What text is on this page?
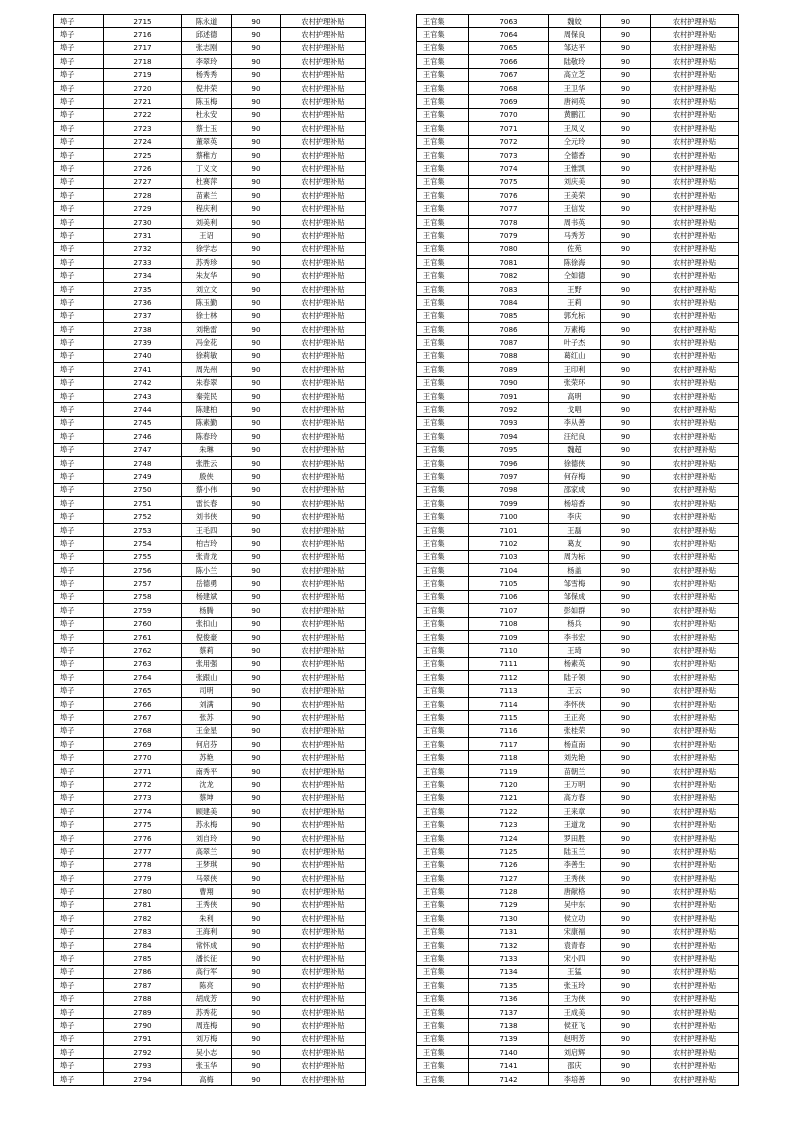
埠子	2715	陈永道	90	农村护理补贴
埠子	2716	邱述德	90	农村护理补贴
埠子	2717	张志刚	90	农村护理补贴
埠子	2718	李翠玲	90	农村护理补贴
埠子	2719	杨秀秀	90	农村护理补贴
埠子	2720	倪井荣	90	农村护理补贴
埠子	2721	陈玉梅	90	农村护理补贴
埠子	2722	杜永安	90	农村护理补贴
埠子	2723	蔡士玉	90	农村护理补贴
埠子	2724	董翠英	90	农村护理补贴
埠子	2725	蔡稚方	90	农村护理补贴
埠子	2726	丁义文	90	农村护理补贴
埠子	2727	杜赛萍	90	农村护理补贴
埠子	2728	苗素兰	90	农村护理补贴
埠子	2729	程庆利	90	农村护理补贴
埠子	2730	刘美利	90	农村护理补贴
埠子	2731	王诏	90	农村护理补贴
埠子	2732	徐学志	90	农村护理补贴
埠子	2733	苏秀珍	90	农村护理补贴
埠子	2734	朱友华	90	农村护理补贴
埠子	2735	刘立文	90	农村护理补贴
埠子	2736	陈玉勤	90	农村护理补贴
埠子	2737	徐士林	90	农村护理补贴
埠子	2738	刘艳雷	90	农村护理补贴
埠子	2739	冯金花	90	农村护理补贴
埠子	2740	徐莉敏	90	农村护理补贴
埠子	2741	周先州	90	农村护理补贴
埠子	2742	朱春翠	90	农村护理补贴
埠子	2743	秦莞民	90	农村护理补贴
埠子	2744	陈建柏	90	农村护理补贴
埠子	2745	陈素勤	90	农村护理补贴
埠子	2746	陈春玲	90	农村护理补贴
埠子	2747	朱琳	90	农村护理补贴
埠子	2748	张胜云	90	农村护理补贴
埠子	2749	殷侠	90	农村护理补贴
埠子	2750	蔡小伟	90	农村护理补贴
埠子	2751	雷长春	90	农村护理补贴
埠子	2752	刘书侠	90	农村护理补贴
埠子	2753	王毛四	90	农村护理补贴
埠子	2754	柏吉玲	90	农村护理补贴
埠子	2755	张青龙	90	农村护理补贴
埠子	2756	陈小兰	90	农村护理补贴
埠子	2757	岳德勇	90	农村护理补贴
埠子	2758	杨建斌	90	农村护理补贴
埠子	2759	杨腾	90	农村护理补贴
埠子	2760	张扣山	90	农村护理补贴
埠子	2761	倪俊豪	90	农村护理补贴
埠子	2762	蔡莉	90	农村护理补贴
埠子	2763	张用强	90	农村护理补贴
埠子	2764	张跟山	90	农村护理补贴
埠子	2765	司明	90	农村护理补贴
埠子	2766	刘满	90	农村护理补贴
埠子	2767	张苏	90	农村护理补贴
埠子	2768	王金星	90	农村护理补贴
埠子	2769	何启芬	90	农村护理补贴
埠子	2770	苏艳	90	农村护理补贴
埠子	2771	南秀平	90	农村护理补贴
埠子	2772	沈龙	90	农村护理补贴
埠子	2773	蔡坤	90	农村护理补贴
埠子	2774	顾建美	90	农村护理补贴
埠子	2775	苏永梅	90	农村护理补贴
埠子	2776	刘自玲	90	农村护理补贴
埠子	2777	高翠兰	90	农村护理补贴
埠子	2778	王梦琪	90	农村护理补贴
埠子	2779	马翠侠	90	农村护理补贴
埠子	2780	曹翔	90	农村护理补贴
埠子	2781	王秀侠	90	农村护理补贴
埠子	2782	朱利	90	农村护理补贴
埠子	2783	王海利	90	农村护理补贴
埠子	2784	常怀成	90	农村护理补贴
埠子	2785	潘长征	90	农村护理补贴
埠子	2786	高行军	90	农村护理补贴
埠子	2787	陈亮	90	农村护理补贴
埠子	2788	胡成芳	90	农村护理补贴
埠子	2789	苏秀花	90	农村护理补贴
埠子	2790	周连梅	90	农村护理补贴
埠子	2791	刘万梅	90	农村护理补贴
埠子	2792	吴小志	90	农村护理补贴
埠子	2793	张玉华	90	农村护理补贴
埠子	2794	高梅	90	农村护理补贴
王官集	7063	魏姣	90	农村护理补贴
王官集	7064	周保良	90	农村护理补贴
王官集	7065	邹达平	90	农村护理补贴
王官集	7066	陆敬玲	90	农村护理补贴
王官集	7067	高立芝	90	农村护理补贴
王官集	7068	王卫华	90	农村护理补贴
王官集	7069	唐祠英	90	农村护理补贴
王官集	7070	黄鹏江	90	农村护理补贴
王官集	7071	王凤义	90	农村护理补贴
王官集	7072	仝元玲	90	农村护理补贴
王官集	7073	仝德香	90	农村护理补贴
王官集	7074	王惟凯	90	农村护理补贴
王官集	7075	刘庆美	90	农村护理补贴
王官集	7076	王美荣	90	农村护理补贴
王官集	7077	王信发	90	农村护理补贴
王官集	7078	周书英	90	农村护理补贴
王官集	7079	马秀芳	90	农村护理补贴
王官集	7080	佐苑	90	农村护理补贴
王官集	7081	陈徐海	90	农村护理补贴
王官集	7082	仝如德	90	农村护理补贴
王官集	7083	王野	90	农村护理补贴
王官集	7084	王莉	90	农村护理补贴
王官集	7085	郭允标	90	农村护理补贴
王官集	7086	万素梅	90	农村护理补贴
王官集	7087	叶子杰	90	农村护理补贴
王官集	7088	葛红山	90	农村护理补贴
王官集	7089	王印利	90	农村护理补贴
王官集	7090	张荣环	90	农村护理补贴
王官集	7091	高明	90	农村护理补贴
王官集	7092	戈唱	90	农村护理补贴
王官集	7093	李从善	90	农村护理补贴
王官集	7094	汪纪良	90	农村护理补贴
王官集	7095	魏超	90	农村护理补贴
王官集	7096	徐德侠	90	农村护理补贴
王官集	7097	何存梅	90	农村护理补贴
王官集	7098	邵家成	90	农村护理补贴
王官集	7099	杨培香	90	农村护理补贴
王官集	7100	李庆	90	农村护理补贴
王官集	7101	王磊	90	农村护理补贴
王官集	7102	葛友	90	农村护理补贴
王官集	7103	周为标	90	农村护理补贴
王官集	7104	杨盖	90	农村护理补贴
王官集	7105	邹雪梅	90	农村护理补贴
王官集	7106	邹保成	90	农村护理补贴
王官集	7107	彭如群	90	农村护理补贴
王官集	7108	杨兵	90	农村护理补贴
王官集	7109	李书宏	90	农村护理补贴
王官集	7110	王琦	90	农村护理补贴
王官集	7111	杨素英	90	农村护理补贴
王官集	7112	陆子领	90	农村护理补贴
王官集	7113	王云	90	农村护理补贴
王官集	7114	李怀侠	90	农村护理补贴
王官集	7115	王正亮	90	农村护理补贴
王官集	7116	张桂荣	90	农村护理补贴
王官集	7117	杨直南	90	农村护理补贴
王官集	7118	刘先艳	90	农村护理补贴
王官集	7119	苗朝兰	90	农村护理补贴
王官集	7120	王万明	90	农村护理补贴
王官集	7121	高方春	90	农村护理补贴
王官集	7122	王来章	90	农村护理补贴
王官集	7123	王道龙	90	农村护理补贴
王官集	7124	罗田胜	90	农村护理补贴
王官集	7125	陆玉兰	90	农村护理补贴
王官集	7126	李善生	90	农村护理补贴
王官集	7127	王秀侠	90	农村护理补贴
王官集	7128	唐献格	90	农村护理补贴
王官集	7129	吴中东	90	农村护理补贴
王官集	7130	侯立功	90	农村护理补贴
王官集	7131	宋康福	90	农村护理补贴
王官集	7132	袁青春	90	农村护理补贴
王官集	7133	宋小四	90	农村护理补贴
王官集	7134	王猛	90	农村护理补贴
王官集	7135	张玉玲	90	农村护理补贴
王官集	7136	王为侠	90	农村护理补贴
王官集	7137	王成美	90	农村护理补贴
王官集	7138	侯亚飞	90	农村护理补贴
王官集	7139	赵明芳	90	农村护理补贴
王官集	7140	刘启辉	90	农村护理补贴
王官集	7141	邵庆	90	农村护理补贴
王官集	7142	李培善	90	农村护理补贴
